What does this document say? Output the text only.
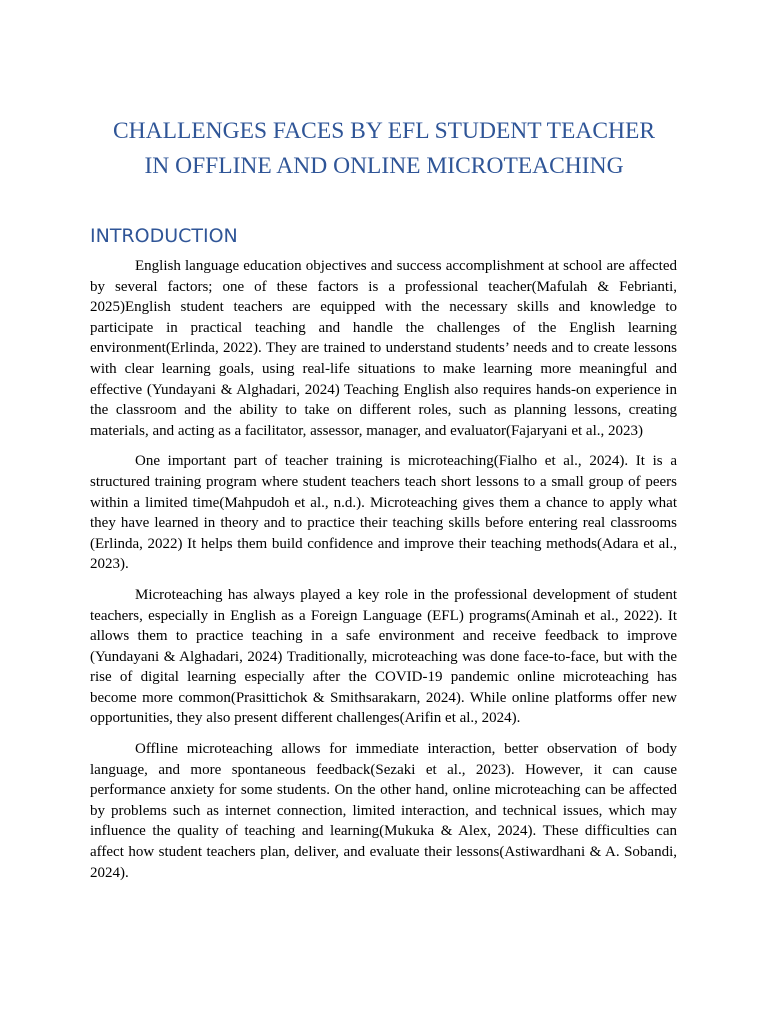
CHALLENGES FACES BY EFL STUDENT TEACHER
IN OFFLINE AND ONLINE MICROTEACHING
INTRODUCTION

English language education objectives and success accomplishment at school are affected by several factors; one of these factors is a professional teacher(Mafulah & Febrianti, 2025)English student teachers are equipped with the necessary skills and knowledge to participate in practical teaching and handle the challenges of the English learning environment(Erlinda, 2022). They are trained to understand students’ needs and to create lessons with clear learning goals, using real-life situations to make learning more meaningful and effective (Yundayani & Alghadari, 2024) Teaching English also requires hands-on experience in the classroom and the ability to take on different roles, such as planning lessons, creating materials, and acting as a facilitator, assessor, manager, and evaluator(Fajaryani et al., 2023)

One important part of teacher training is microteaching(Fialho et al., 2024). It is a structured training program where student teachers teach short lessons to a small group of peers within a limited time(Mahpudoh et al., n.d.). Microteaching gives them a chance to apply what they have learned in theory and to practice their teaching skills before entering real classrooms (Erlinda, 2022) It helps them build confidence and improve their teaching methods(Adara et al., 2023).

Microteaching has always played a key role in the professional development of student teachers, especially in English as a Foreign Language (EFL) programs(Aminah et al., 2022). It allows them to practice teaching in a safe environment and receive feedback to improve (Yundayani & Alghadari, 2024) Traditionally, microteaching was done face-to-face, but with the rise of digital learning especially after the COVID-19 pandemic online microteaching has become more common(Prasittichok & Smithsarakarn, 2024). While online platforms offer new opportunities, they also present different challenges(Arifin et al., 2024).

Offline microteaching allows for immediate interaction, better observation of body language, and more spontaneous feedback(Sezaki et al., 2023). However, it can cause performance anxiety for some students. On the other hand, online microteaching can be affected by problems such as internet connection, limited interaction, and technical issues, which may influence the quality of teaching and learning(Mukuka & Alex, 2024). These difficulties can affect how student teachers plan, deliver, and evaluate their lessons(Astiwardhani & A. Sobandi, 2024).
